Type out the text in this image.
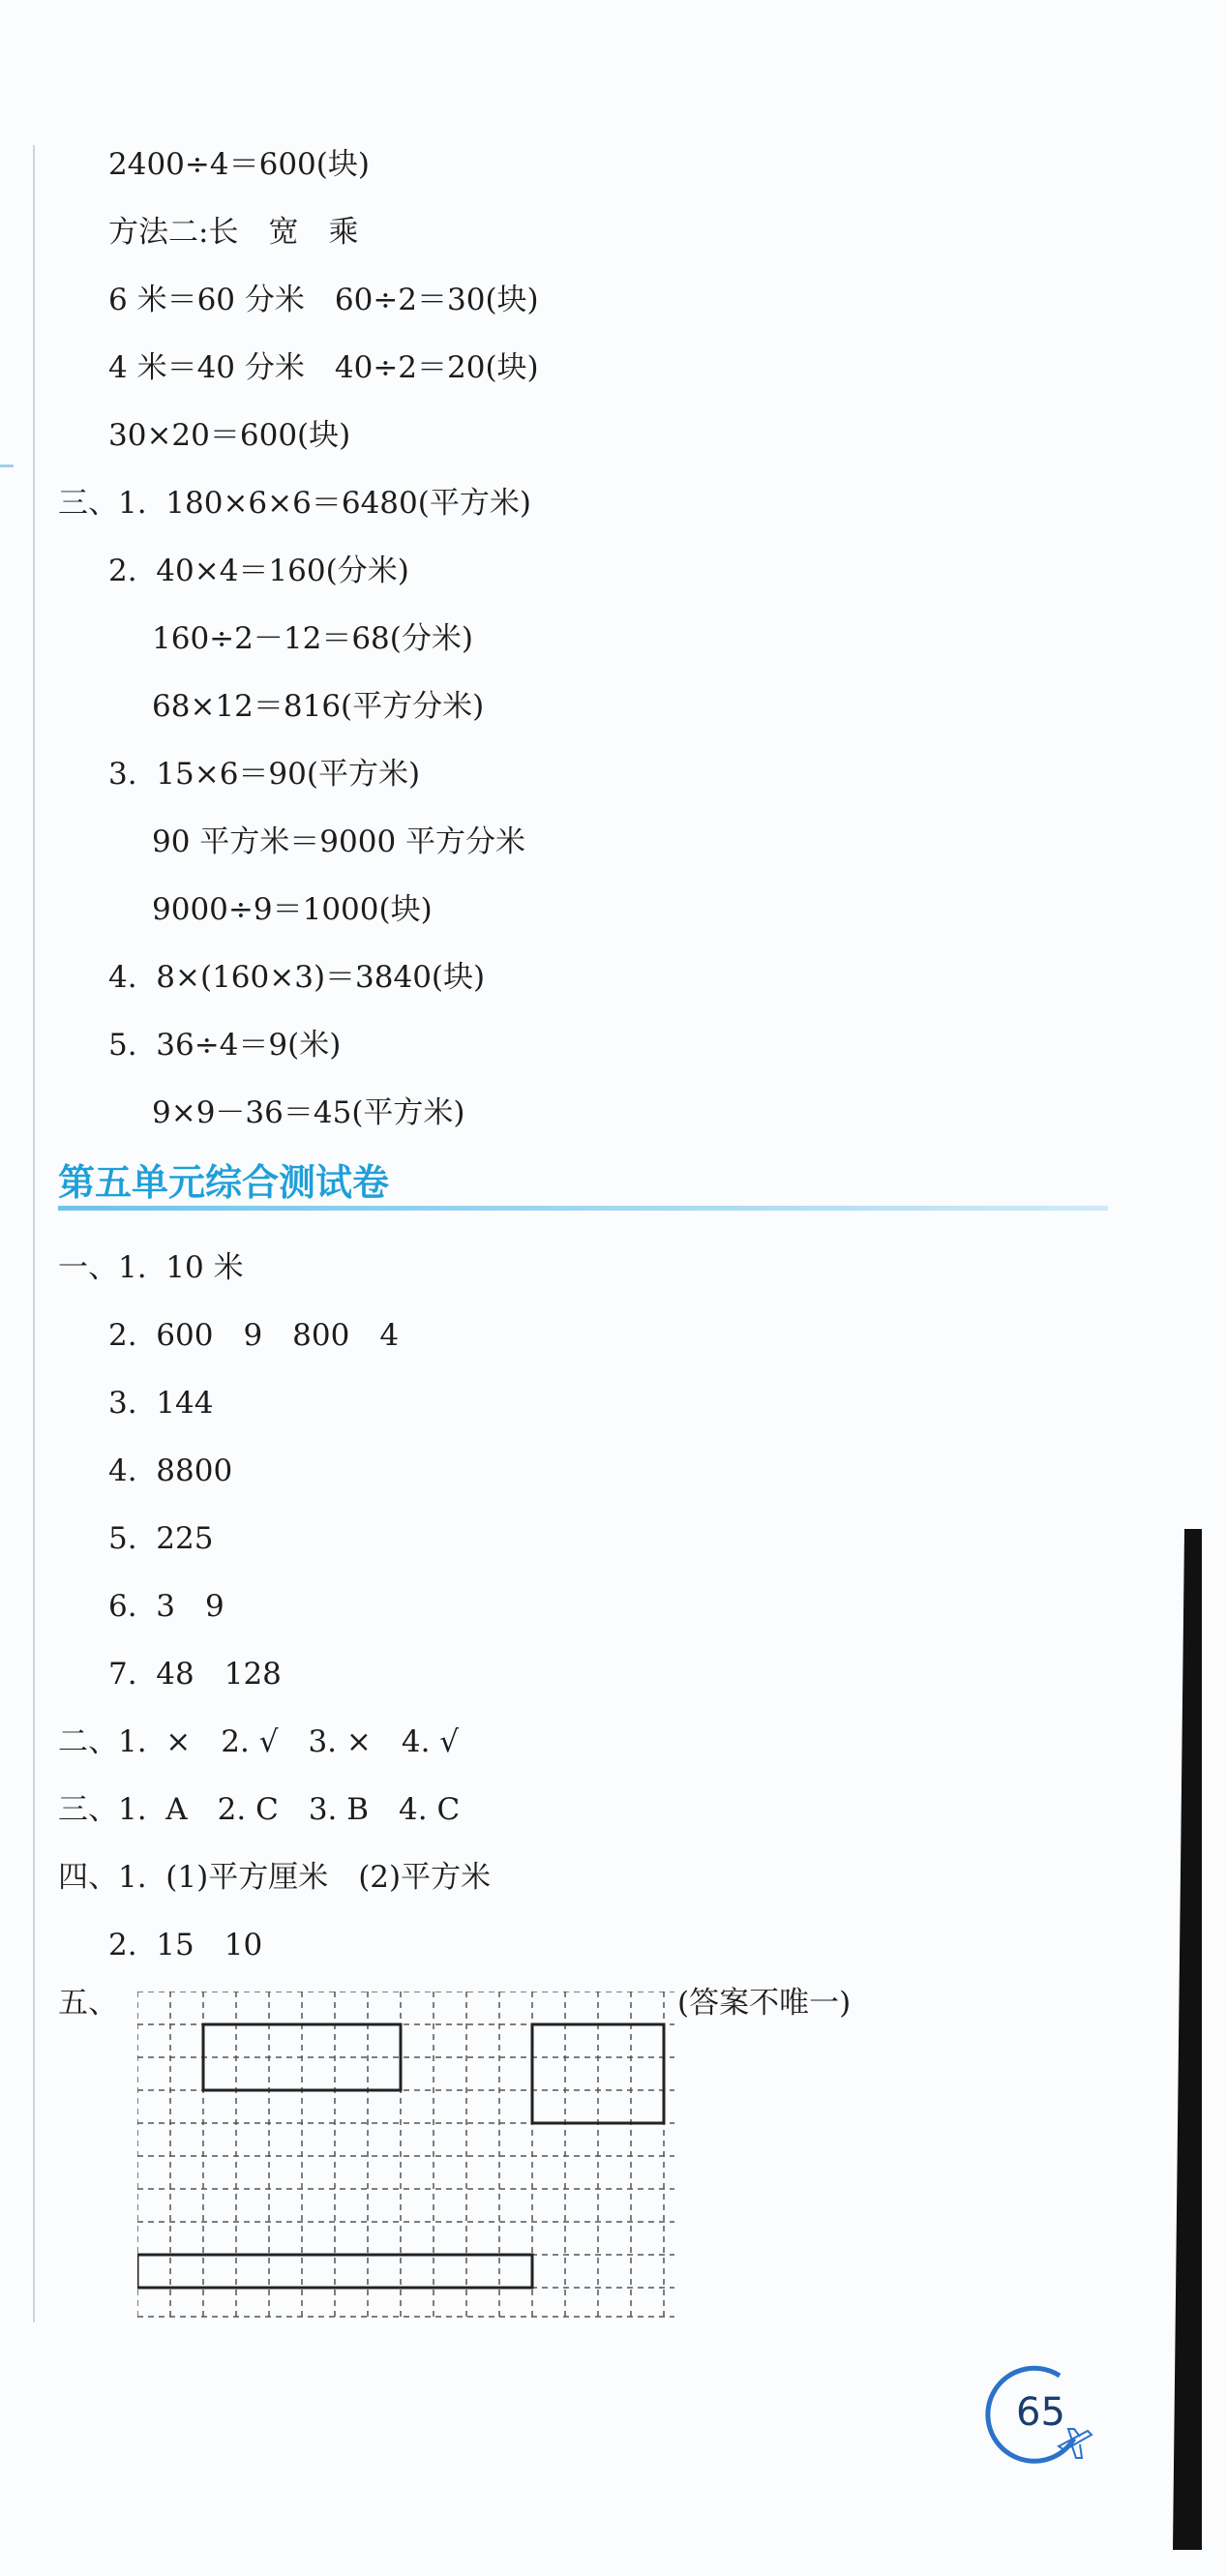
2400÷4＝600(块)
方法二:长　宽　乘
6 米＝60 分米　60÷2＝30(块)
4 米＝40 分米　40÷2＝20(块)
30×20＝600(块)
三、1.  180×6×6＝6480(平方米)
2.  40×4＝160(分米)
160÷2－12＝68(分米)
68×12＝816(平方分米)
3.  15×6＝90(平方米)
90 平方米＝9000 平方分米
9000÷9＝1000(块)
4.  8×(160×3)＝3840(块)
5.  36÷4＝9(米)
9×9－36＝45(平方米)
第五单元综合测试卷
一、1.  10 米
2.  600　9　800　4
3.  144
4.  8800
5.  225
6.  3　9
7.  48　128
二、1.  ×　2. √　3. ×　4. √
三、1.  A　2. C　3. B　4. C
四、1.  (1)平方厘米　(2)平方米
2.  15　10
五、	(答案不唯一)
65
